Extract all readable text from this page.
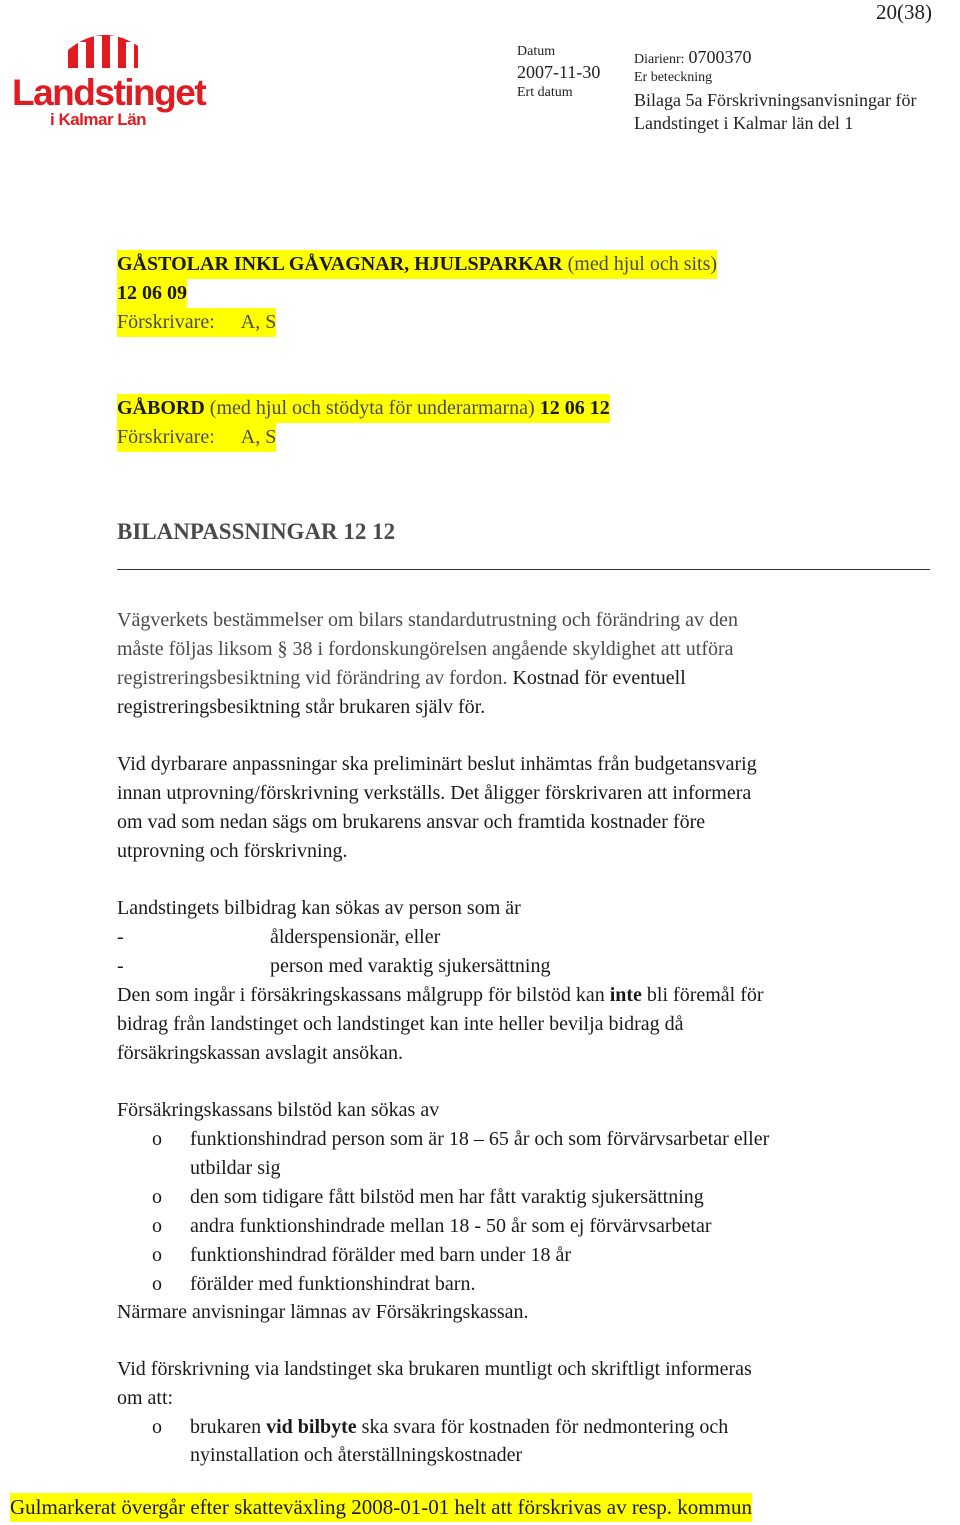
20(38)
Landstinget
i Kalmar Län
Datum
2007-11-30
Ert datum
Diarienr: 0700370
Er beteckning
Bilaga 5a Förskrivningsanvisningar för
Landstinget i Kalmar län del 1
GÅSTOLAR INKL GÅVAGNAR, HJULSPARKAR (med hjul och sits)
12 06 09
Förskrivare: A, S
GÅBORD (med hjul och stödyta för underarmarna) 12 06 12
Förskrivare: A, S
BILANPASSNINGAR 12 12
Vägverkets bestämmelser om bilars standardutrustning och förändring av den
måste följas liksom § 38 i fordonskungörelsen angående skyldighet att utföra
registreringsbesiktning vid förändring av fordon. Kostnad för eventuell
registreringsbesiktning står brukaren själv för.
Vid dyrbarare anpassningar ska preliminärt beslut inhämtas från budgetansvarig
innan utprovning/förskrivning verkställs. Det åligger förskrivaren att informera
om vad som nedan sägs om brukarens ansvar och framtida kostnader före
utprovning och förskrivning.
Landstingets bilbidrag kan sökas av person som är
-	ålderspensionär, eller
-	person med varaktig sjukersättning
Den som ingår i försäkringskassans målgrupp för bilstöd kan inte bli föremål för
bidrag från landstinget och landstinget kan inte heller bevilja bidrag då
försäkringskassan avslagit ansökan.
Försäkringskassans bilstöd kan sökas av
o funktionshindrad person som är 18 – 65 år och som förvärvsarbetar eller
utbildar sig
o den som tidigare fått bilstöd men har fått varaktig sjukersättning
o andra funktionshindrade mellan 18 - 50 år som ej förvärvsarbetar
o funktionshindrad förälder med barn under 18 år
o förälder med funktionshindrat barn.
Närmare anvisningar lämnas av Försäkringskassan.
Vid förskrivning via landstinget ska brukaren muntligt och skriftligt informeras
om att:
o brukaren vid bilbyte ska svara för kostnaden för nedmontering och
nyinstallation och återställningskostnader
Gulmarkerat övergår efter skatteväxling 2008-01-01 helt att förskrivas av resp. kommun
